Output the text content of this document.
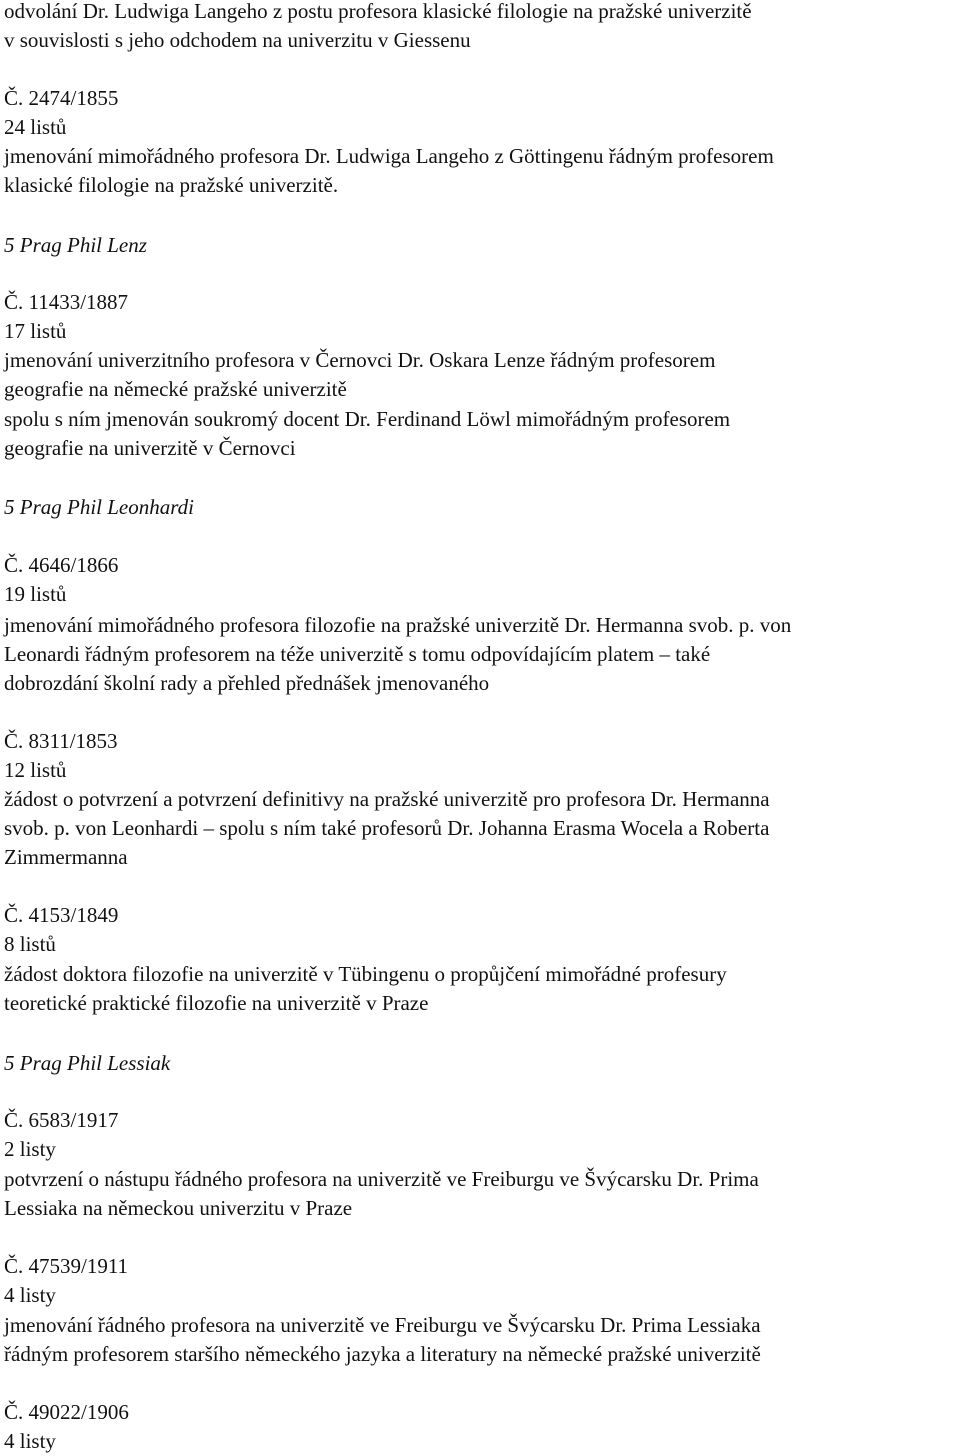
odvolání Dr. Ludwiga Langeho z postu profesora klasické filologie na pražské univerzitě
v souvislosti s jeho odchodem na univerzitu v Giessenu
Č. 2474/1855
24 listů
jmenování mimořádného profesora Dr. Ludwiga Langeho z Göttingenu řádným profesorem
klasické filologie na pražské univerzitě.
5 Prag Phil Lenz
Č. 11433/1887
17 listů
jmenování univerzitního profesora v Černovci Dr. Oskara Lenze řádným profesorem
geografie na německé pražské univerzitě
spolu s ním jmenován soukromý docent Dr. Ferdinand Löwl mimořádným profesorem
geografie na univerzitě v Černovci
5 Prag Phil Leonhardi
Č. 4646/1866
19 listů
jmenování mimořádného profesora filozofie na pražské univerzitě Dr. Hermanna svob. p. von
Leonardi řádným profesorem na téže univerzitě s tomu odpovídajícím platem – také
dobrozdání školní rady a přehled přednášek jmenovaného
Č. 8311/1853
12 listů
žádost o potvrzení a potvrzení definitivy na pražské univerzitě pro profesora Dr. Hermanna
svob. p. von Leonhardi – spolu s ním také profesorů Dr. Johanna Erasma Wocela a Roberta
Zimmermanna
Č. 4153/1849
8 listů
žádost doktora filozofie na univerzitě v Tübingenu o propůjčení mimořádné profesury
teoretické praktické filozofie na univerzitě v Praze
5 Prag Phil Lessiak
Č. 6583/1917
2 listy
potvrzení o nástupu řádného profesora na univerzitě ve Freiburgu ve Švýcarsku Dr. Prima
Lessiaka na německou univerzitu v Praze
Č. 47539/1911
4 listy
jmenování řádného profesora na univerzitě ve Freiburgu ve Švýcarsku Dr. Prima Lessiaka
řádným profesorem staršího německého jazyka a literatury na německé pražské univerzitě
Č. 49022/1906
4 listy
